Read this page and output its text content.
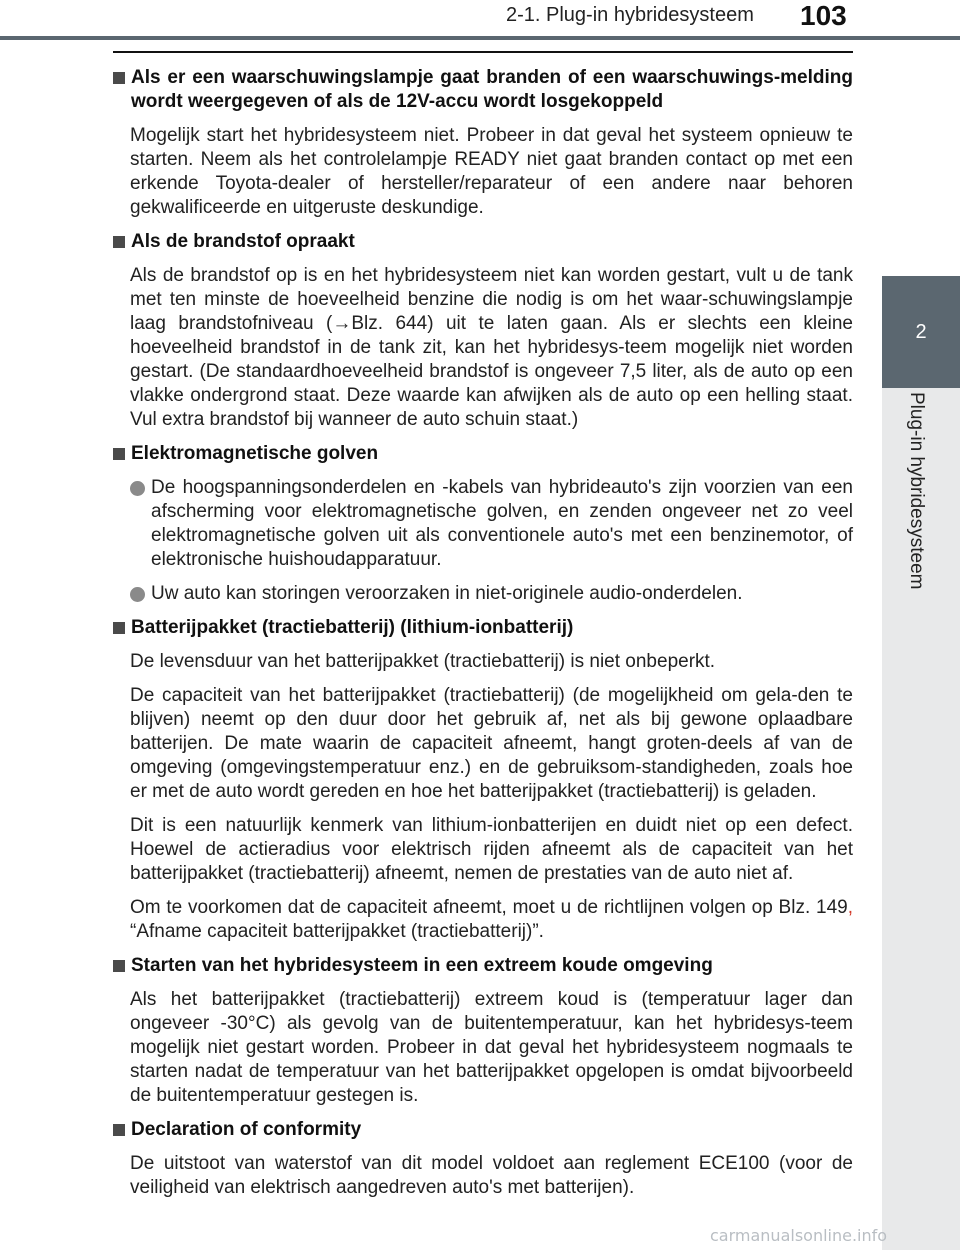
2-1. Plug-in hybridesysteem 103
2
Plug-in hybridesysteem
Als er een waarschuwingslampje gaat branden of een waarschuwings-melding wordt weergegeven of als de 12V-accu wordt losgekoppeld

Mogelijk start het hybridesysteem niet. Probeer in dat geval het systeem opnieuw te starten. Neem als het controlelampje READY niet gaat branden contact op met een erkende Toyota-dealer of hersteller/reparateur of een andere naar behoren gekwalificeerde en uitgeruste deskundige.

Als de brandstof opraakt

Als de brandstof op is en het hybridesysteem niet kan worden gestart, vult u de tank met ten minste de hoeveelheid benzine die nodig is om het waar-schuwingslampje laag brandstofniveau (→Blz. 644) uit te laten gaan. Als er slechts een kleine hoeveelheid brandstof in de tank zit, kan het hybridesys-teem mogelijk niet worden gestart. (De standaardhoeveelheid brandstof is ongeveer 7,5 liter, als de auto op een vlakke ondergrond staat. Deze waarde kan afwijken als de auto op een helling staat. Vul extra brandstof bij wanneer de auto schuin staat.)

Elektromagnetische golven
De hoogspanningsonderdelen en -kabels van hybrideauto's zijn voorzien van een afscherming voor elektromagnetische golven, en zenden ongeveer net zo veel elektromagnetische golven uit als conventionele auto's met een benzinemotor, of elektronische huishoudapparatuur.
Uw auto kan storingen veroorzaken in niet-originele audio-onderdelen.
Batterijpakket (tractiebatterij) (lithium-ionbatterij)

De levensduur van het batterijpakket (tractiebatterij) is niet onbeperkt.

De capaciteit van het batterijpakket (tractiebatterij) (de mogelijkheid om gela-den te blijven) neemt op den duur door het gebruik af, net als bij gewone oplaadbare batterijen. De mate waarin de capaciteit afneemt, hangt groten-deels af van de omgeving (omgevingstemperatuur enz.) en de gebruiksom-standigheden, zoals hoe er met de auto wordt gereden en hoe het batterijpakket (tractiebatterij) is geladen.

Dit is een natuurlijk kenmerk van lithium-ionbatterijen en duidt niet op een defect. Hoewel de actieradius voor elektrisch rijden afneemt als de capaciteit van het batterijpakket (tractiebatterij) afneemt, nemen de prestaties van de auto niet af.

Om te voorkomen dat de capaciteit afneemt, moet u de richtlijnen volgen op Blz. 149, “Afname capaciteit batterijpakket (tractiebatterij)”.

Starten van het hybridesysteem in een extreem koude omgeving

Als het batterijpakket (tractiebatterij) extreem koud is (temperatuur lager dan ongeveer -30°C) als gevolg van de buitentemperatuur, kan het hybridesys-teem mogelijk niet gestart worden. Probeer in dat geval het hybridesysteem nogmaals te starten nadat de temperatuur van het batterijpakket opgelopen is omdat bijvoorbeeld de buitentemperatuur gestegen is.

Declaration of conformity

De uitstoot van waterstof van dit model voldoet aan reglement ECE100 (voor de veiligheid van elektrisch aangedreven auto's met batterijen).

carmanualsonline.info
